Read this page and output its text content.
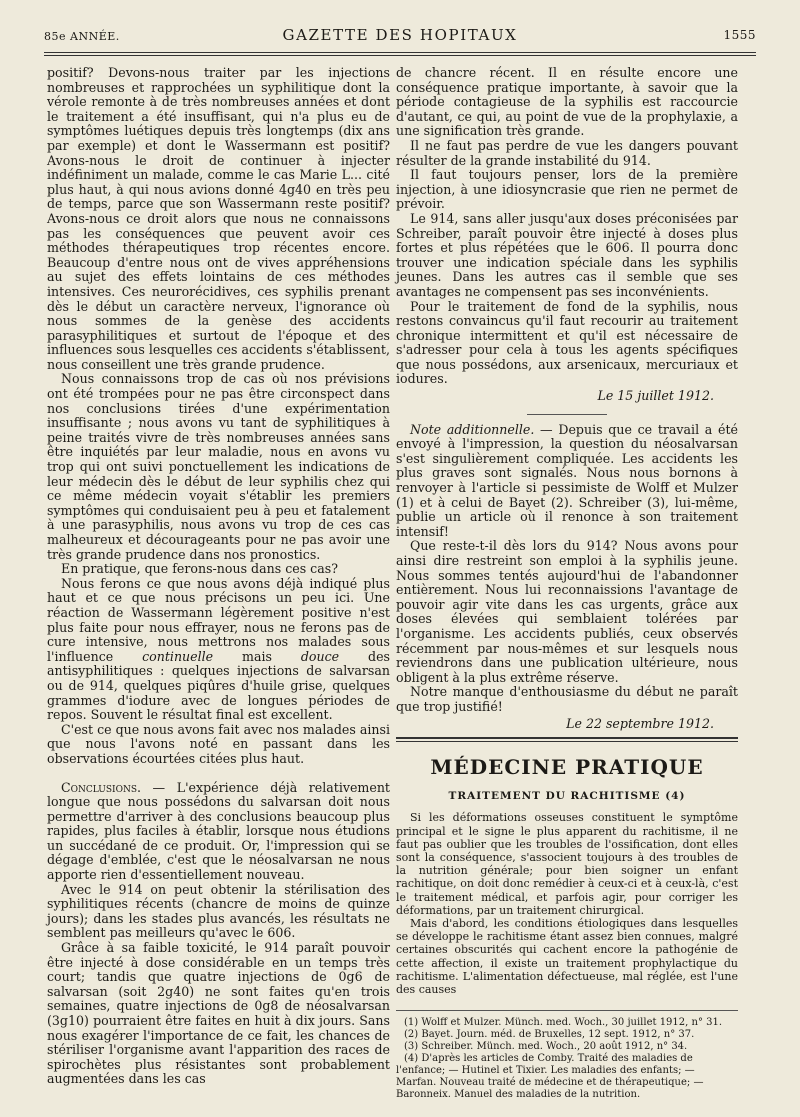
85e ANNÉE.	GAZETTE DES HOPITAUX	1555

positif? Devons-nous traiter par les injections nombreuses et rapprochées un syphilitique dont la vérole remonte à de très nombreuses années et dont le traitement a été insuffisant, qui n'a plus eu de symptômes luétiques depuis très longtemps (dix ans par exemple) et dont le Wassermann est positif? Avons-nous le droit de continuer à injecter indéfiniment un malade, comme le cas Marie L... cité plus haut, à qui nous avions donné 4g40 en très peu de temps, parce que son Wassermann reste positif? Avons-nous ce droit alors que nous ne connaissons pas les conséquences que peuvent avoir ces méthodes thérapeutiques trop récentes encore. Beaucoup d'entre nous ont de vives appréhensions au sujet des effets lointains de ces méthodes intensives. Ces neurorécidives, ces syphilis prenant dès le début un caractère nerveux, l'ignorance où nous sommes de la genèse des accidents parasyphilitiques et surtout de l'époque et des influences sous lesquelles ces accidents s'établissent, nous conseillent une très grande prudence.

Nous connaissons trop de cas où nos prévisions ont été trompées pour ne pas être circonspect dans nos conclusions tirées d'une expérimentation insuffisante ; nous avons vu tant de syphilitiques à peine traités vivre de très nombreuses années sans être inquiétés par leur maladie, nous en avons vu trop qui ont suivi ponctuellement les indications de leur médecin dès le début de leur syphilis chez qui ce même médecin voyait s'établir les premiers symptômes qui conduisaient peu à peu et fatalement à une parasyphilis, nous avons vu trop de ces cas malheureux et décourageants pour ne pas avoir une très grande prudence dans nos pronostics.

En pratique, que ferons-nous dans ces cas?

Nous ferons ce que nous avons déjà indiqué plus haut et ce que nous précisons un peu ici. Une réaction de Wassermann légèrement positive n'est plus faite pour nous effrayer, nous ne ferons pas de cure intensive, nous mettrons nos malades sous l'influence continuelle mais douce des antisyphilitiques : quelques injections de salvarsan ou de 914, quelques piqûres d'huile grise, quelques grammes d'iodure avec de longues périodes de repos. Souvent le résultat final est excellent.

C'est ce que nous avons fait avec nos malades ainsi que nous l'avons noté en passant dans les observations écourtées citées plus haut.

Conclusions. — L'expérience déjà relativement longue que nous possédons du salvarsan doit nous permettre d'arriver à des conclusions beaucoup plus rapides, plus faciles à établir, lorsque nous étudions un succédané de ce produit. Or, l'impression qui se dégage d'emblée, c'est que le néosalvarsan ne nous apporte rien d'essentiellement nouveau.

Avec le 914 on peut obtenir la stérilisation des syphilitiques récents (chancre de moins de quinze jours); dans les stades plus avancés, les résultats ne semblent pas meilleurs qu'avec le 606.

Grâce à sa faible toxicité, le 914 paraît pouvoir être injecté à dose considérable en un temps très court; tandis que quatre injections de 0g6 de salvarsan (soit 2g40) ne sont faites qu'en trois semaines, quatre injections de 0g8 de néosalvarsan (3g10) pourraient être faites en huit à dix jours. Sans nous exagérer l'importance de ce fait, les chances de stériliser l'organisme avant l'apparition des races de spirochètes plus résistantes sont probablement augmentées dans les cas

de chancre récent. Il en résulte encore une conséquence pratique importante, à savoir que la période contagieuse de la syphilis est raccourcie d'autant, ce qui, au point de vue de la prophylaxie, a une signification très grande.

Il ne faut pas perdre de vue les dangers pouvant résulter de la grande instabilité du 914.

Il faut toujours penser, lors de la première injection, à une idiosyncrasie que rien ne permet de prévoir.

Le 914, sans aller jusqu'aux doses préconisées par Schreiber, paraît pouvoir être injecté à doses plus fortes et plus répétées que le 606. Il pourra donc trouver une indication spéciale dans les syphilis jeunes. Dans les autres cas il semble que ses avantages ne compensent pas ses inconvénients.

Pour le traitement de fond de la syphilis, nous restons convaincus qu'il faut recourir au traitement chronique intermittent et qu'il est nécessaire de s'adresser pour cela à tous les agents spécifiques que nous possédons, aux arsenicaux, mercuriaux et iodures.

Le 15 juillet 1912.

Note additionnelle. — Depuis que ce travail a été envoyé à l'impression, la question du néosalvarsan s'est singulièrement compliquée. Les accidents les plus graves sont signalés. Nous nous bornons à renvoyer à l'article si pessimiste de Wolff et Mulzer (1) et à celui de Bayet (2). Schreiber (3), lui-même, publie un article où il renonce à son traitement intensif!

Que reste-t-il dès lors du 914? Nous avons pour ainsi dire restreint son emploi à la syphilis jeune. Nous sommes tentés aujourd'hui de l'abandonner entièrement. Nous lui reconnaissions l'avantage de pouvoir agir vite dans les cas urgents, grâce aux doses élevées qui semblaient tolérées par l'organisme. Les accidents publiés, ceux observés récemment par nous-mêmes et sur lesquels nous reviendrons dans une publication ultérieure, nous obligent à la plus extrême réserve.

Notre manque d'enthousiasme du début ne paraît que trop justifié!

Le 22 septembre 1912.
MÉDECINE PRATIQUE
TRAITEMENT DU RACHITISME (4)

Si les déformations osseuses constituent le symptôme principal et le signe le plus apparent du rachitisme, il ne faut pas oublier que les troubles de l'ossification, dont elles sont la conséquence, s'associent toujours à des troubles de la nutrition générale; pour bien soigner un enfant rachitique, on doit donc remédier à ceux-ci et à ceux-là, c'est le traitement médical, et parfois agir, pour corriger les déformations, par un traitement chirurgical.

Mais d'abord, les conditions étiologiques dans lesquelles se développe le rachitisme étant assez bien connues, malgré certaines obscurités qui cachent encore la pathogénie de cette affection, il existe un traitement prophylactique du rachitisme. L'alimentation défectueuse, mal réglée, est l'une des causes

(1) Wolff et Mulzer. Münch. med. Woch., 30 juillet 1912, n° 31.
(2) Bayet. Journ. méd. de Bruxelles, 12 sept. 1912, n° 37.
(3) Schreiber. Münch. med. Woch., 20 août 1912, n° 34.
(4) D'après les articles de Comby. Traité des maladies de l'enfance; — Hutinel et Tixier. Les maladies des enfants; — Marfan. Nouveau traité de médecine et de thérapeutique; — Baronneix. Manuel des maladies de la nutrition.
